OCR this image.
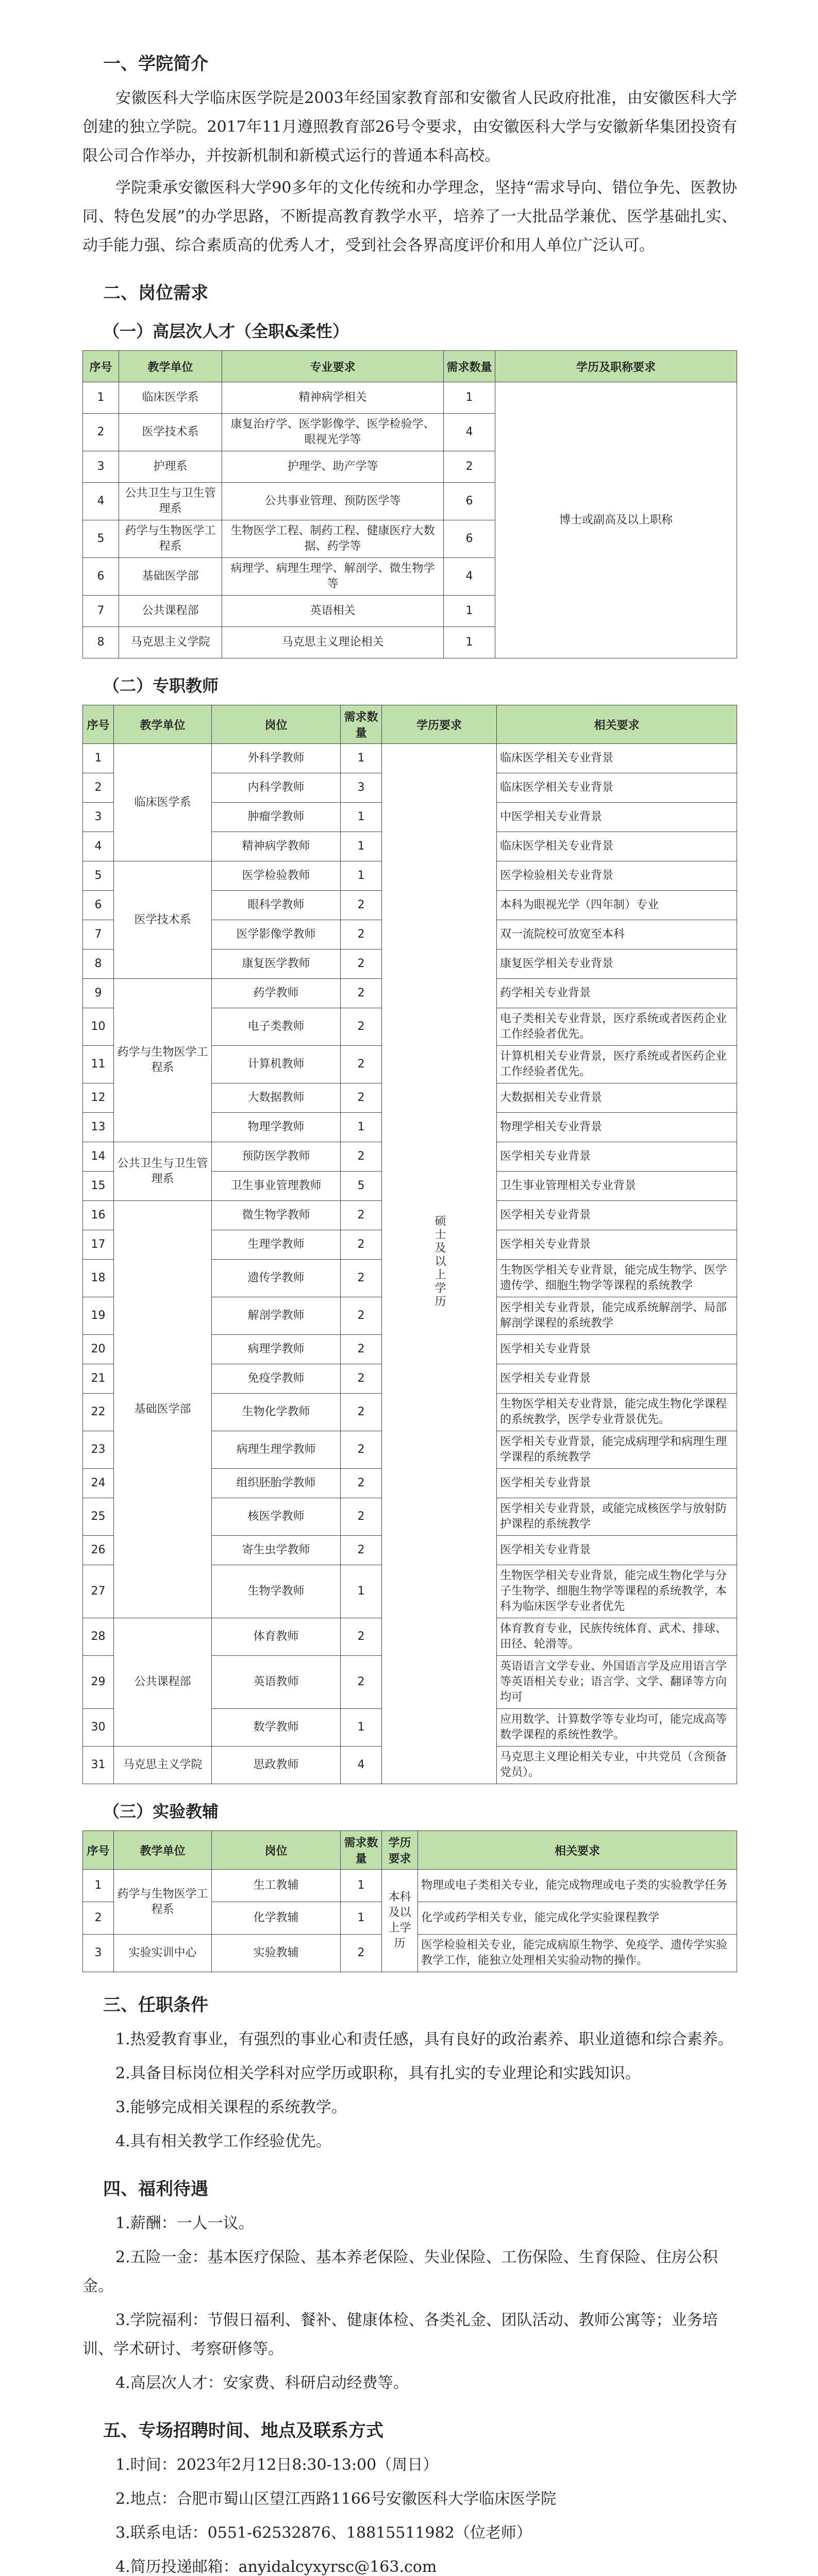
一、学院简介

安徽医科大学临床医学院是2003年经国家教育部和安徽省人民政府批准，由安徽医科大学创建的独立学院。2017年11月遵照教育部26号令要求，由安徽医科大学与安徽新华集团投资有限公司合作举办，并按新机制和新模式运行的普通本科高校。

学院秉承安徽医科大学90多年的文化传统和办学理念，坚持“需求导向、错位争先、医教协同、特色发展”的办学思路，不断提高教育教学水平，培养了一大批品学兼优、医学基础扎实、动手能力强、综合素质高的优秀人才，受到社会各界高度评价和用人单位广泛认可。

二、岗位需求
（一）高层次人才（全职&柔性）
序号	教学单位	专业要求	需求数量	学历及职称要求
1	临床医学系	精神病学相关	1	博士或副高及以上职称
2	医学技术系	康复治疗学、医学影像学、医学检验学、眼视光学等	4	
3	护理系	护理学、助产学等	2	
4	公共卫生与卫生管理系	公共事业管理、预防医学等	6	
5	药学与生物医学工程系	生物医学工程、制药工程、健康医疗大数据、药学等	6	
6	基础医学部	病理学、病理生理学、解剖学、微生物学等	4	
7	公共课程部	英语相关	1	
8	马克思主义学院	马克思主义理论相关	1	
（二）专职教师
序号	教学单位	岗位	需求数量	学历要求	相关要求
1	临床医学系	外科学教师	1	硕士及以上学历	临床医学相关专业背景
2		内科学教师	3		临床医学相关专业背景
3		肿瘤学教师	1		中医学相关专业背景
4		精神病学教师	1		临床医学相关专业背景
5	医学技术系	医学检验教师	1		医学检验相关专业背景
6		眼科学教师	2		本科为眼视光学（四年制）专业
7		医学影像学教师	2		双一流院校可放宽至本科
8		康复医学教师	2		康复医学相关专业背景
9	药学与生物医学工程系	药学教师	2		药学相关专业背景
10		电子类教师	2		电子类相关专业背景，医疗系统或者医药企业工作经验者优先。
11		计算机教师	2		计算机相关专业背景，医疗系统或者医药企业工作经验者优先。
12		大数据教师	2		大数据相关专业背景
13		物理学教师	1		物理学相关专业背景
14	公共卫生与卫生管理系	预防医学教师	2		医学相关专业背景
15		卫生事业管理教师	5		卫生事业管理相关专业背景
16	基础医学部	微生物学教师	2		医学相关专业背景
17		生理学教师	2		医学相关专业背景
18		遗传学教师	2		生物医学相关专业背景，能完成生物学、医学遗传学、细胞生物学等课程的系统教学
19		解剖学教师	2		医学相关专业背景，能完成系统解剖学、局部解剖学课程的系统教学
20		病理学教师	2		医学相关专业背景
21		免疫学教师	2		医学相关专业背景
22		生物化学教师	2		生物医学相关专业背景，能完成生物化学课程的系统教学，医学专业背景优先。
23		病理生理学教师	2		医学相关专业背景，能完成病理学和病理生理学课程的系统教学
24		组织胚胎学教师	2		医学相关专业背景
25		核医学教师	2		医学相关专业背景，或能完成核医学与放射防护课程的系统教学
26		寄生虫学教师	2		医学相关专业背景
27		生物学教师	1		生物医学相关专业背景，能完成生物化学与分子生物学、细胞生物学等课程的系统教学，本科为临床医学专业者优先
28	公共课程部	体育教师	2		体育教育专业，民族传统体育、武术、排球、田径、轮滑等。
29		英语教师	2		英语语言文学专业、外国语言学及应用语言学等英语相关专业；语言学、文学、翻译等方向均可
30		数学教师	1		应用数学、计算数学等专业均可，能完成高等数学课程的系统性教学。
31	马克思主义学院	思政教师	4		马克思主义理论相关专业，中共党员（含预备党员）。
（三）实验教辅
序号	教学单位	岗位	需求数量	学历要求	相关要求
1	药学与生物医学工程系	生工教辅	1	本科及以上学历	物理或电子类相关专业，能完成物理或电子类的实验教学任务
2		化学教辅	1		化学或药学相关专业，能完成化学实验课程教学
3	实验实训中心	实验教辅	2		医学检验相关专业，能完成病原生物学、免疫学、遗传学实验教学工作，能独立处理相关实验动物的操作。
三、任职条件
1.热爱教育事业，有强烈的事业心和责任感，具有良好的政治素养、职业道德和综合素养。
2.具备目标岗位相关学科对应学历或职称，具有扎实的专业理论和实践知识。
3.能够完成相关课程的系统教学。
4.具有相关教学工作经验优先。
四、福利待遇
1.薪酬：一人一议。
2.五险一金：基本医疗保险、基本养老保险、失业保险、工伤保险、生育保险、住房公积金。
3.学院福利：节假日福利、餐补、健康体检、各类礼金、团队活动、教师公寓等；业务培训、学术研讨、考察研修等。
4.高层次人才：安家费、科研启动经费等。
五、专场招聘时间、地点及联系方式
1.时间：2023年2月12日8:30-13:00（周日）
2.地点：合肥市蜀山区望江西路1166号安徽医科大学临床医学院
3.联系电话：0551-62532876、18815511982（位老师）
4.简历投递邮箱：anyidalcyxyrsc@163.com
